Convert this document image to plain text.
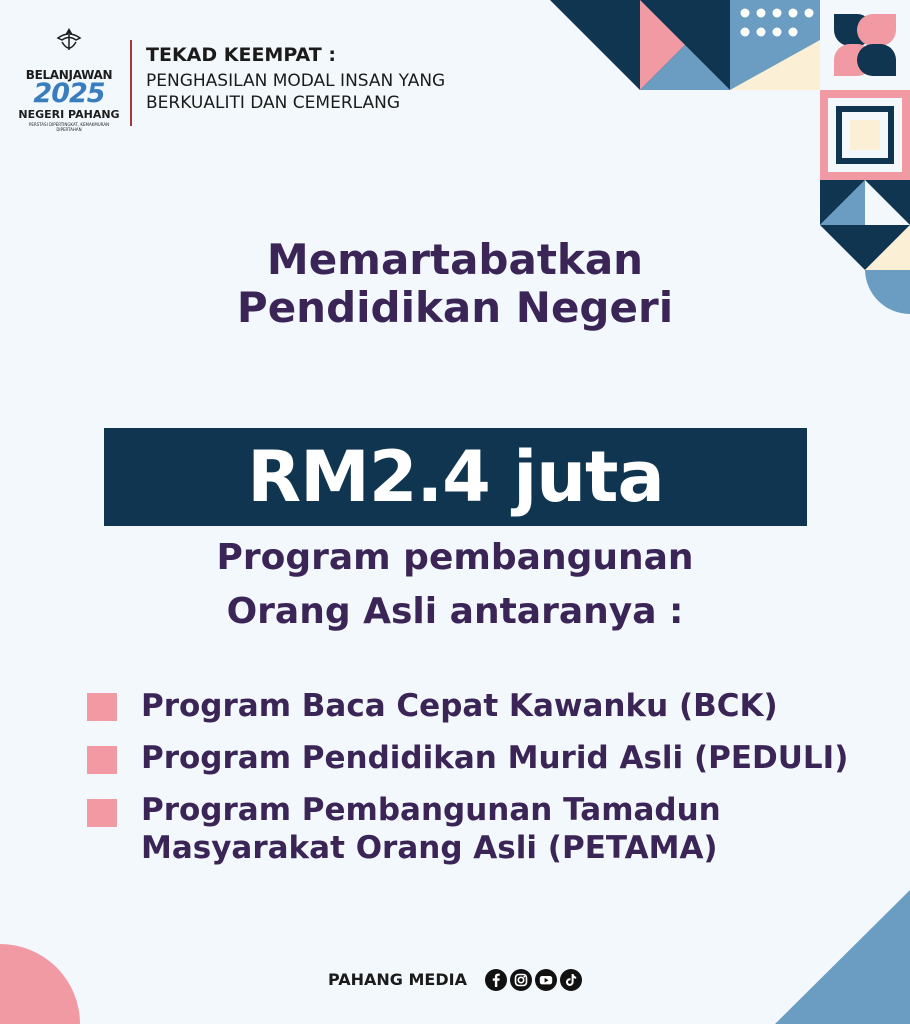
BELANJAWAN
2025
NEGERI PAHANG
PERSTASI DIPERTINGKAT, KEMAKMURAN DIPERTAHAN
TEKAD KEEMPAT :
PENGHASILAN MODAL INSAN YANG
BERKUALITI DAN CEMERLANG
Memartabatkan
Pendidikan Negeri
RM2.4 juta
Program pembangunan
Orang Asli antaranya :
Program Baca Cepat Kawanku (BCK)
Program Pendidikan Murid Asli (PEDULI)
Program Pembangunan Tamadun
Masyarakat Orang Asli (PETAMA)
PAHANG MEDIA
